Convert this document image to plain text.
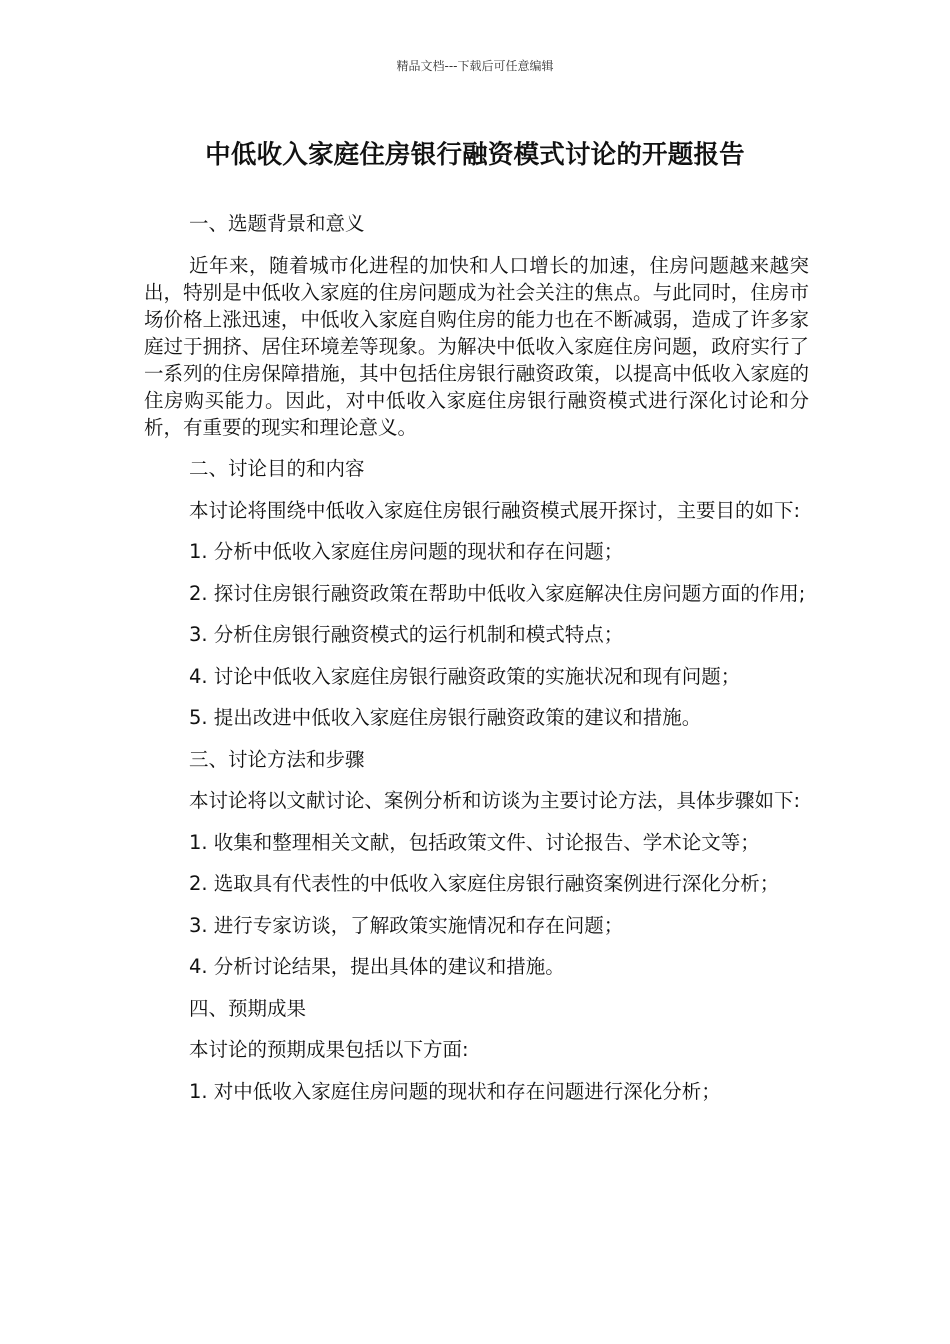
精品文档---下载后可任意编辑
中低收入家庭住房银行融资模式讨论的开题报告

一、选题背景和意义

近年来，随着城市化进程的加快和人口增长的加速，住房问题越来越突出，特别是中低收入家庭的住房问题成为社会关注的焦点。与此同时，住房市场价格上涨迅速，中低收入家庭自购住房的能力也在不断减弱，造成了许多家庭过于拥挤、居住环境差等现象。为解决中低收入家庭住房问题，政府实行了一系列的住房保障措施，其中包括住房银行融资政策，以提高中低收入家庭的住房购买能力。因此，对中低收入家庭住房银行融资模式进行深化讨论和分析，有重要的现实和理论意义。

二、讨论目的和内容

本讨论将围绕中低收入家庭住房银行融资模式展开探讨，主要目的如下:

1. 分析中低收入家庭住房问题的现状和存在问题；

2. 探讨住房银行融资政策在帮助中低收入家庭解决住房问题方面的作用;

3. 分析住房银行融资模式的运行机制和模式特点；

4. 讨论中低收入家庭住房银行融资政策的实施状况和现有问题；

5. 提出改进中低收入家庭住房银行融资政策的建议和措施。

三、讨论方法和步骤

本讨论将以文献讨论、案例分析和访谈为主要讨论方法，具体步骤如下:

1. 收集和整理相关文献，包括政策文件、讨论报告、学术论文等；

2. 选取具有代表性的中低收入家庭住房银行融资案例进行深化分析；

3. 进行专家访谈，了解政策实施情况和存在问题；

4. 分析讨论结果，提出具体的建议和措施。

四、预期成果

本讨论的预期成果包括以下方面:

1. 对中低收入家庭住房问题的现状和存在问题进行深化分析；
